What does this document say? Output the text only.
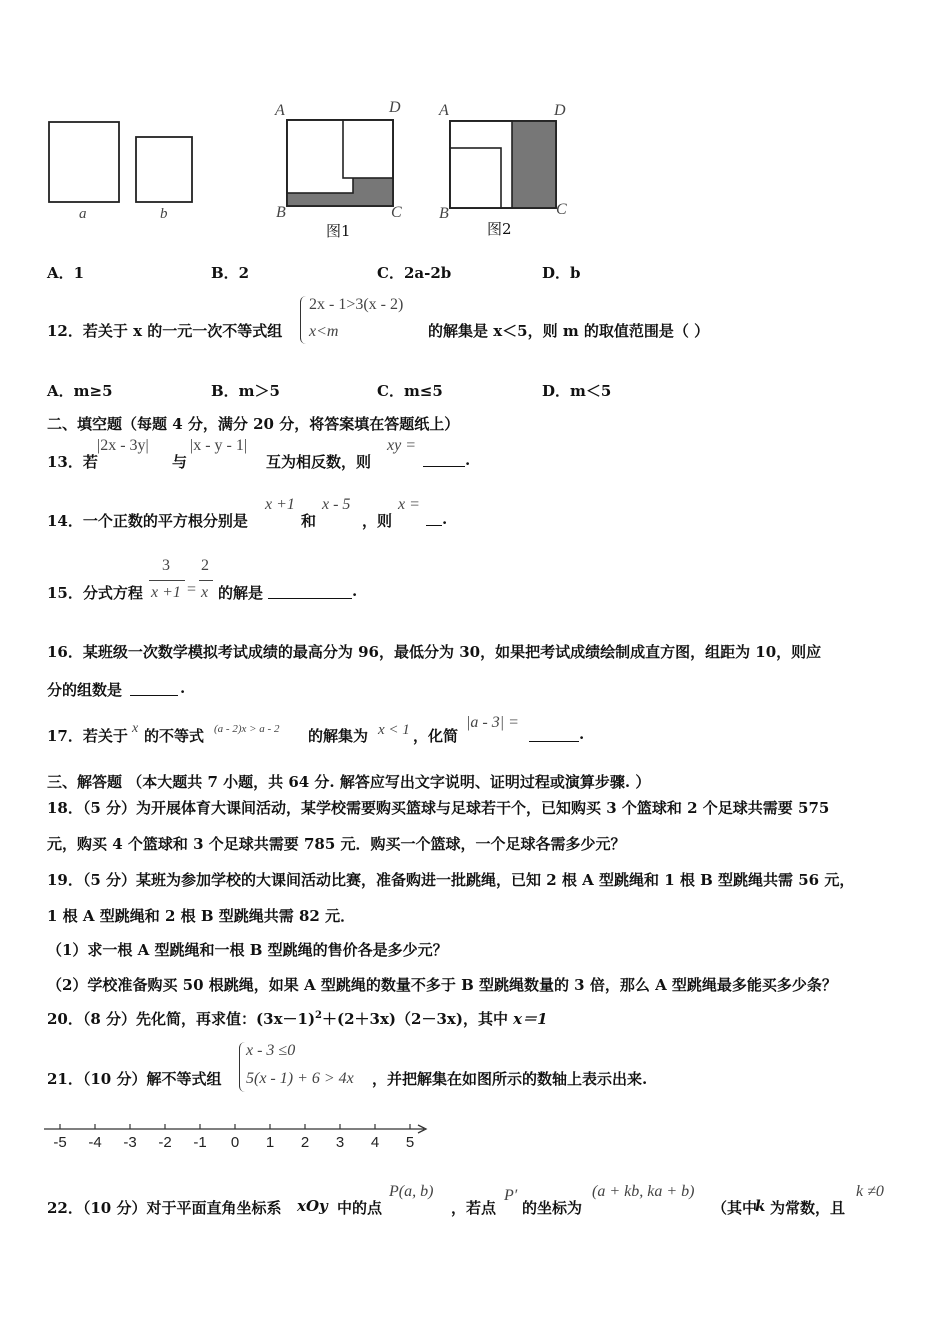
a	b
A	D
B	C
图1
A	D
B	C
图2
A．1	B．2	C．2a-2b	D．b
12．若关于 x 的一元一次不等式组
2x - 1>3(x - 2)
x<m	的解集是 x＜5，则 m 的取值范围是（ ）
A．m≥5	B．m＞5	C．m≤5	D．m＜5
二、填空题（每题 4 分，满分 20 分，将答案填在答题纸上）
13．若
|2x - 3y|
与
|x - y - 1|
互为相反数，则
xy =
.
14．一个正数的平方根分别是
x +1
和
x - 5
，则
x =
.
15．分式方程
3
x +1 =
2
x 的解是	.
16．某班级一次数学模拟考试成绩的最高分为 96，最低分为 30，如果把考试成绩绘制成直方图，组距为 10，则应
分的组数是	.
17．若关于 x 的不等式 (a - 2)x > a - 2 的解集为 x < 1 ，化简
|a - 3| =
.
三、解答题 （本大题共 7 小题，共 64 分. 解答应写出文字说明、证明过程或演算步骤. ）
18．（5 分）为开展体育大课间活动，某学校需要购买篮球与足球若干个，已知购买 3 个篮球和 2 个足球共需要 575
元，购买 4 个篮球和 3 个足球共需要 785 元．购买一个篮球，一个足球各需多少元？
19．（5 分）某班为参加学校的大课间活动比赛，准备购进一批跳绳，已知 2 根 A 型跳绳和 1 根 B 型跳绳共需 56 元，
1 根 A 型跳绳和 2 根 B 型跳绳共需 82 元．
（1）求一根 A 型跳绳和一根 B 型跳绳的售价各是多少元？
（2）学校准备购买 50 根跳绳，如果 A 型跳绳的数量不多于 B 型跳绳数量的 3 倍，那么 A 型跳绳最多能买多少条？
20．（8 分）先化简，再求值：$(3x-1)^2+(2+3x)(2-3x)$，其中 x＝1
21．（10 分）解不等式组
x - 3 ≤0
5(x - 1) + 6 > 4x ，并把解集在如图所示的数轴上表示出来.
-5 -4 -3 -2 -1 0 1 2 3 4 5
22．（10 分）对于平面直角坐标系 xOy 中的点
P(a, b)
，若点
P′
的坐标为
(a + kb, ka + b)
（其中
k 为常数，且
k ≠0
